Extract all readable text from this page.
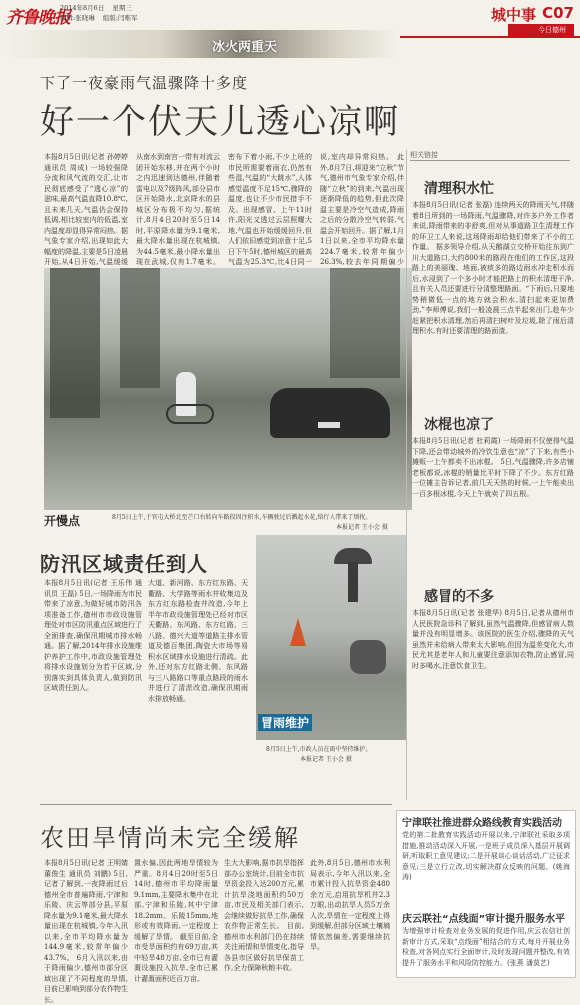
齐鲁晚报
2014年8月6日 星期三
编辑:张晓琳 组版:闫唯军	城中事 C07
今日德州
冰火两重天
下了一夜豪雨气温骤降十多度
好一个伏天儿透心凉啊
本报8月5日讯(记者 孙婷婷 通讯员 周成) 一场较强降分流和风气流的交汇,让市民彻底感受了“透心凉”的滋味,最高气温直降10.8℃,且未来几天,气温仍会保持低调,相比较室内的低温,室内温度却显得异常闷热。据气象专家介绍,出现如此大幅度的降温,主要是5日凌晨开始,从4日开始,气温缓缓
从南水到南宫一带有对流云团开始东移,并在两个小时之内迅速到达德州,伴随着雷电以及7级阵风,部分县市区开始降水,北京降水的县城区分布极不均匀,据统计,8月4日20时至5日14时,平原降水量为9.1毫米,最大降水量出现在杭城镇,为44.5毫米,最小降水量出现在武城,仅有1.7毫米。
密布下着小雨,不少上班的市民所需要着雨衣,仍然有些湿,气温的“大跳水”,人体感觉温度不足15℃,骤降的温度,也让不少市民措手不及。出现感冒、上午11时许,阳光又透过云层照耀大地,气温也开始缓缓回升,但人们依旧感觉到凉意十足,5日下午5时,德州城区的最高气温为25.3℃,比4日同一
说,室内却异常闷热。 此外,8月7日,将迎来“立秋”节气,德州市气象专家介绍,伴随“立秋”的到来,气温出现逐渐降低的趋势,但此次降温主要是冷空气造成,降雨之后的分散冷空气转弱,气温会开始回升。据了解,1月1日以来,全市平均降水量224.7毫米,较常年偏少26.3%,较去年同期偏少
开慢点	8月5日上午,于官屯大桥北至芒口右转向车路段因注积水,车辆驶过后溅起水花,给行人带来了烦扰。
本报记者 王小会 摄
相关链接
清理积水忙
本报8月5日讯(记者 张磊) 连续两天的降雨天气,伴随着8日所到的一场降雨,气温骤降,对许多户外工作者来说,降雨带来的非舒爽,但对从事道路卫生清理工作的环卫工人来说,这场降雨却给他们带来了不小的工作量。 据多领导介绍,从天鹅湖立交桥开始往东到广川大道路口,大约800米的路段在他们的工作区,这段路上的美丽瑰、地面,被痰多的路边雨水冲走积水而后,水浸到了一个多小时才能把路上的积水清理干净,且有关人员还要进行分清整理路面。“下雨后,只要地势稍微低一点的地方就会积水,清扫起来更加费劲,”李师傅说,我们一般凌晨三点半起来出门,趁车少赶紧把积水清理,然后再清扫树叶及垃圾,除了雨后清理积水,有时还要清理的路面渣。
冰棍也凉了
本报8月5日讯(记者 杜莉霞) 一场降雨不仅使得气温下降,还会带动城外的冷饮生意也“凉”了下来,有些小摊贩一上午都卖不出冰棍。 5日,气温骤降,许多店铺老板都说,冰棍的销量比平时下降了不少。东方红路一位摊主告诉记者,前几天天热的时候,一上午能卖出一百多根冰棍,今天上午就卖了四五根。
感冒的不多
本报8月5日讯(记者 张建华) 8月5日,记者从德州市人民医院急诊科了解到,虽然气温骤降,但感冒病人数量并没有明显增多。该医院的医生介绍,骤降的天气虽然并未给病人带来太大影响,但因为温差变化大,市民尤其是老年人和儿童要注意添加衣物,防止感冒,同时多喝水,注意饮食卫生。
防汛区域责任到人
本报8月5日讯(记者 王乐伟 通讯员 王磊) 5日,一场降雨为市民带来了凉意,为做好城市防汛各项准备工作,德州市市政设施管理处对市区防汛重点区域进行了全面排查,确保汛期城市排水畅通。据了解,2014年排水设施维护养护工作中,市政设施管理处将排水设施划分为若干区域,分别落实到具体负责人,做到防汛区域责任到人。
大道、新河路、东方红东路、天衢路、大学路等雨水井收集边及东方红东路检查井改造,今年上半年市政设施管理处已经对市区天衢路、东风路、东方红路、三八路、德兴大道等道路主排水管道及德百集团,陶瓷大市场等易积水区域排水设施进行清疏。此外,还对东方红路北侧、东风路与三八路路口等重点路段的雨水井进行了清淤改造,确保汛期雨水排放畅通。
冒雨维护
8月5日上午,市政人员在雨中坚持维护。
本报记者 王小会 摄
农田旱情尚未完全缓解
本报8月5日讯(记者 王明婧 董俊生 通讯员 刘鹏) 5日,记者了解到,一夜降雨过后德州全市普遍降雨,宁津和乐陵、庆云等部分县,平原降水量为9.1毫米,最大降水量出现在杭城镇,今年入汛以来,全市平均降水量为144.9毫米,较常年偏少43.7%。 6月入汛以来,由于降雨偏少,德州市部分区域出现了不同程度的旱情,目前已影响到部分农作物生长。
置水偏,因此两地旱情较为严重。8月4日20时至5日14时,德州市平均降雨量9.1mm,主要降水集中在北部,宁津和乐陵,其中宁津18.2mm、乐陵15mm,地形或有效降雨,一定程度上缓解了旱情。 截至目前,全市受旱面积约有69万亩,其中轻旱48万亩,全市已有灌溉设施投入抗旱,全市已累计灌溉面积近百万亩。
生大大影响,据市抗旱指挥部办公室统计,目前全市抗旱资金投入达200万元,累计抗旱浇地面积约50万亩,市民及相关部门表示,会继续做好抗旱工作,确保农作物正常生长。 目前,德州市水利部门仍在持续关注雨情和旱情变化,指导各县市区做好抗旱保苗工作,全力保障秋粮丰收。
此外,8月5日,德州市水利局表示,今年入汛以来,全市累计投入抗旱资金480余万元,启用抗旱机井2.3万眼,出动抗旱人员5万余人次,旱情在一定程度上得到缓解,但部分区域土壤墒情依然偏差,需要继续抗旱。
宁津联社推进群众路线教育实践活动
党的第二批教育实践活动开展以来,宁津联社采取多项措施,推动活动深入开展,一是班子成员深入基层开展调研,听取职工意见建议;二是开展谈心谈话活动,广泛征求意见;三是立行立改,切实解决群众反映的问题。(姚海涛)
庆云联社“点线面”审计提升服务水平
为增强审计检查对业务发展的促进作用,庆云农信社创新审计方式,采取“点线面”相结合的方式,每月开展业务检查,对各网点实行全面审计,及时发现问题并整改,有效提升了服务水平和风险防控能力。(张燕 潘莫艺)
